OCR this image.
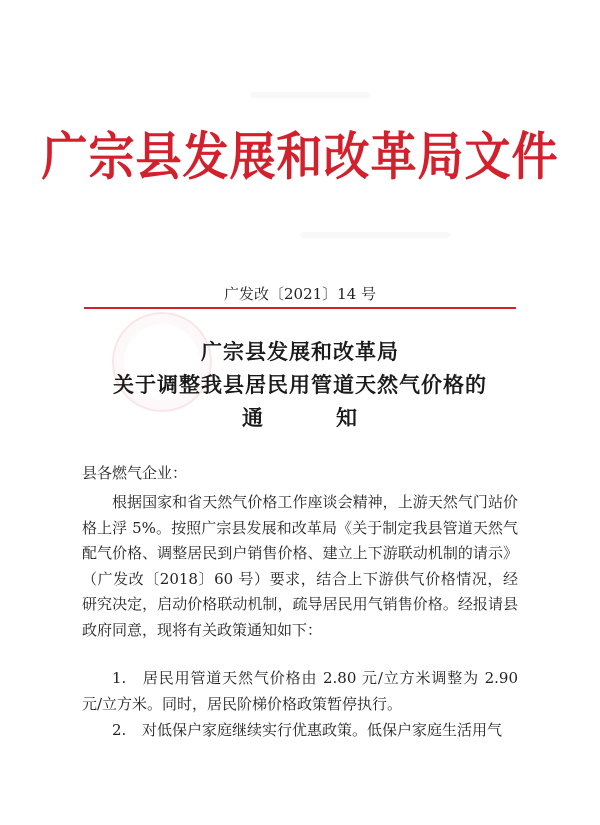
广宗县发展和改革局文件
广发改〔2021〕14 号
广宗县发展和改革局
关于调整我县居民用管道天然气价格的
通	知
县各燃气企业：
根据国家和省天然气价格工作座谈会精神，上游天然气门站价格上浮 5%。按照广宗县发展和改革局《关于制定我县管道天然气配气价格、调整居民到户销售价格、建立上下游联动机制的请示》（广发改〔2018〕60 号）要求，结合上下游供气价格情况，经研究决定，启动价格联动机制，疏导居民用气销售价格。经报请县政府同意，现将有关政策通知如下：
1. 居民用管道天然气价格由 2.80 元/立方米调整为 2.90 元/立方米。同时，居民阶梯价格政策暂停执行。
2. 对低保户家庭继续实行优惠政策。低保户家庭生活用气
